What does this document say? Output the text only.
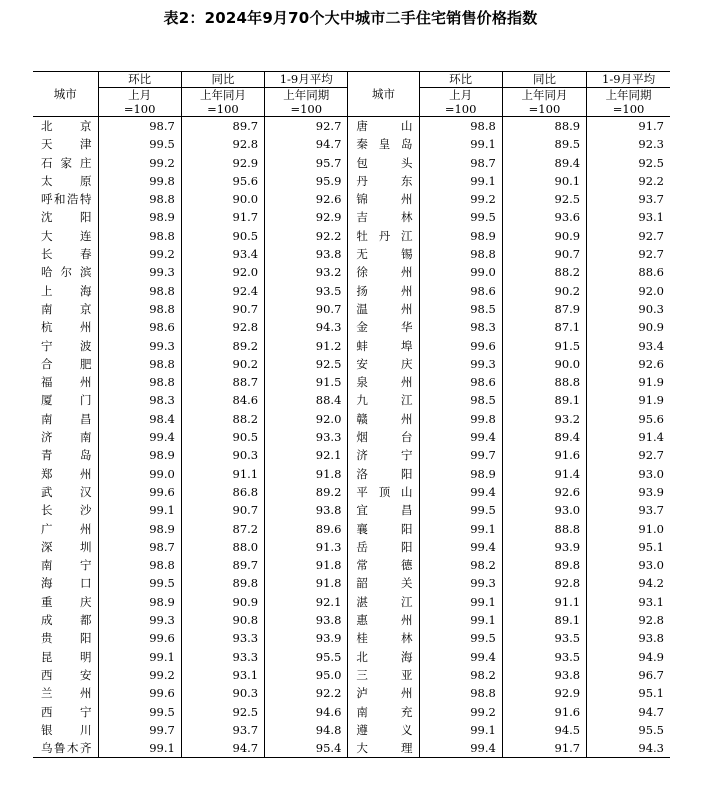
表2：2024年9月70个大中城市二手住宅销售价格指数
城市	环比	同比	1-9月平均	城市	环比	同比	1-9月平均
	上月	上年同月	上年同期		上月	上年同月	上年同期
	=100	=100	=100		=100	=100	=100
北京	98.7	89.7	92.7	唐山	98.8	88.9	91.7
天津	99.5	92.8	94.7	秦皇岛	99.1	89.5	92.3
石家庄	99.2	92.9	95.7	包头	98.7	89.4	92.5
太原	99.8	95.6	95.9	丹东	99.1	90.1	92.2
呼和浩特	98.8	90.0	92.6	锦州	99.2	92.5	93.7
沈阳	98.9	91.7	92.9	吉林	99.5	93.6	93.1
大连	98.8	90.5	92.2	牡丹江	98.9	90.9	92.7
长春	99.2	93.4	93.8	无锡	98.8	90.7	92.7
哈尔滨	99.3	92.0	93.2	徐州	99.0	88.2	88.6
上海	98.8	92.4	93.5	扬州	98.6	90.2	92.0
南京	98.8	90.7	90.7	温州	98.5	87.9	90.3
杭州	98.6	92.8	94.3	金华	98.3	87.1	90.9
宁波	99.3	89.2	91.2	蚌埠	99.6	91.5	93.4
合肥	98.8	90.2	92.5	安庆	99.3	90.0	92.6
福州	98.8	88.7	91.5	泉州	98.6	88.8	91.9
厦门	98.3	84.6	88.4	九江	98.5	89.1	91.9
南昌	98.4	88.2	92.0	赣州	99.8	93.2	95.6
济南	99.4	90.5	93.3	烟台	99.4	89.4	91.4
青岛	98.9	90.3	92.1	济宁	99.7	91.6	92.7
郑州	99.0	91.1	91.8	洛阳	98.9	91.4	93.0
武汉	99.6	86.8	89.2	平顶山	99.4	92.6	93.9
长沙	99.1	90.7	93.8	宜昌	99.5	93.0	93.7
广州	98.9	87.2	89.6	襄阳	99.1	88.8	91.0
深圳	98.7	88.0	91.3	岳阳	99.4	93.9	95.1
南宁	98.8	89.7	91.8	常德	98.2	89.8	93.0
海口	99.5	89.8	91.8	韶关	99.3	92.8	94.2
重庆	98.9	90.9	92.1	湛江	99.1	91.1	93.1
成都	99.3	90.8	93.8	惠州	99.1	89.1	92.8
贵阳	99.6	93.3	93.9	桂林	99.5	93.5	93.8
昆明	99.1	93.3	95.5	北海	99.4	93.5	94.9
西安	99.2	93.1	95.0	三亚	98.2	93.8	96.7
兰州	99.6	90.3	92.2	泸州	98.8	92.9	95.1
西宁	99.5	92.5	94.6	南充	99.2	91.6	94.7
银川	99.7	93.7	94.8	遵义	99.1	94.5	95.5
乌鲁木齐	99.1	94.7	95.4	大理	99.4	91.7	94.3
